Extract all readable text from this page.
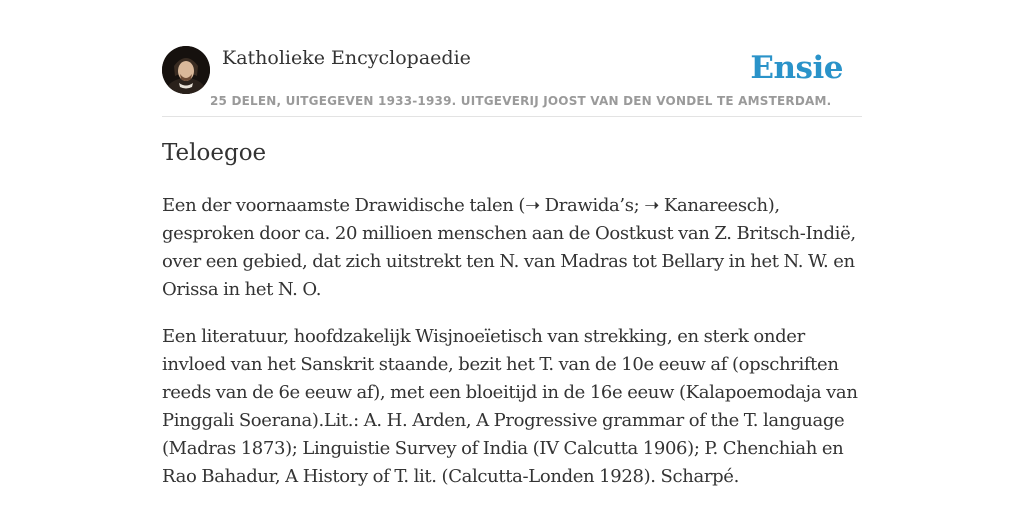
Katholieke Encyclopaedie
25 DELEN, UITGEGEVEN 1933-1939. UITGEVERIJ JOOST VAN DEN VONDEL TE AMSTERDAM.
Ensie
Teloegoe

Een der voornaamste Drawidische talen (➝ Drawida’s; ➝ Kanareesch), gesproken door ca. 20 millioen menschen aan de Oostkust van Z. Britsch-Indië, over een gebied, dat zich uitstrekt ten N. van Madras tot Bellary in het N. W. en Orissa in het N. O.

Een literatuur, hoofdzakelijk Wisjnoeïetisch van strekking, en sterk onder invloed van het Sanskrit staande, bezit het T. van de 10e eeuw af (opschriften reeds van de 6e eeuw af), met een bloeitijd in de 16e eeuw (Kalapoemodaja van Pinggali Soerana).Lit.: A. H. Arden, A Progressive grammar of the T. language (Madras 1873); Linguistie Survey of India (IV Calcutta 1906); P. Chenchiah en Rao Bahadur, A History of T. lit. (Calcutta-Londen 1928). Scharpé.
